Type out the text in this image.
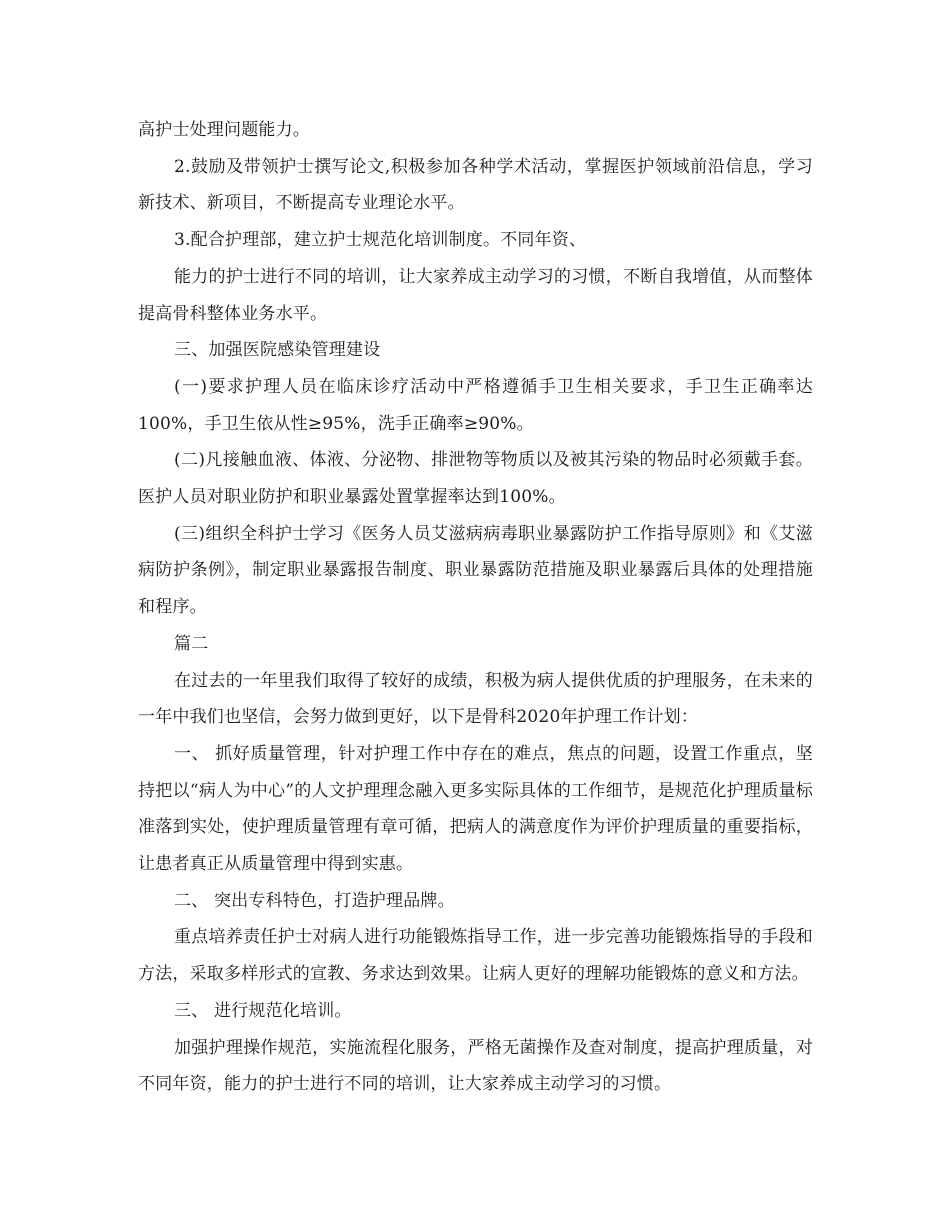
高护士处理问题能力。

2.鼓励及带领护士撰写论文,积极参加各种学术活动，掌握医护领域前沿信息，学习新技术、新项目，不断提高专业理论水平。

3.配合护理部，建立护士规范化培训制度。不同年资、

能力的护士进行不同的培训，让大家养成主动学习的习惯，不断自我增值，从而整体提高骨科整体业务水平。

三、加强医院感染管理建设

(一)要求护理人员在临床诊疗活动中严格遵循手卫生相关要求，手卫生正确率达100%，手卫生依从性≥95%，洗手正确率≥90%。

(二)凡接触血液、体液、分泌物、排泄物等物质以及被其污染的物品时必须戴手套。医护人员对职业防护和职业暴露处置掌握率达到100%。

(三)组织全科护士学习《医务人员艾滋病病毒职业暴露防护工作指导原则》和《艾滋病防护条例》，制定职业暴露报告制度、职业暴露防范措施及职业暴露后具体的处理措施和程序。

篇二

在过去的一年里我们取得了较好的成绩，积极为病人提供优质的护理服务，在未来的一年中我们也坚信，会努力做到更好，以下是骨科2020年护理工作计划：

一、 抓好质量管理，针对护理工作中存在的难点，焦点的问题，设置工作重点，坚持把以“病人为中心”的人文护理理念融入更多实际具体的工作细节，是规范化护理质量标准落到实处，使护理质量管理有章可循，把病人的满意度作为评价护理质量的重要指标，让患者真正从质量管理中得到实惠。

二、 突出专科特色，打造护理品牌。

重点培养责任护士对病人进行功能锻炼指导工作，进一步完善功能锻炼指导的手段和方法，采取多样形式的宣教、务求达到效果。让病人更好的理解功能锻炼的意义和方法。

三、 进行规范化培训。

加强护理操作规范，实施流程化服务，严格无菌操作及查对制度，提高护理质量，对不同年资，能力的护士进行不同的培训，让大家养成主动学习的习惯。
